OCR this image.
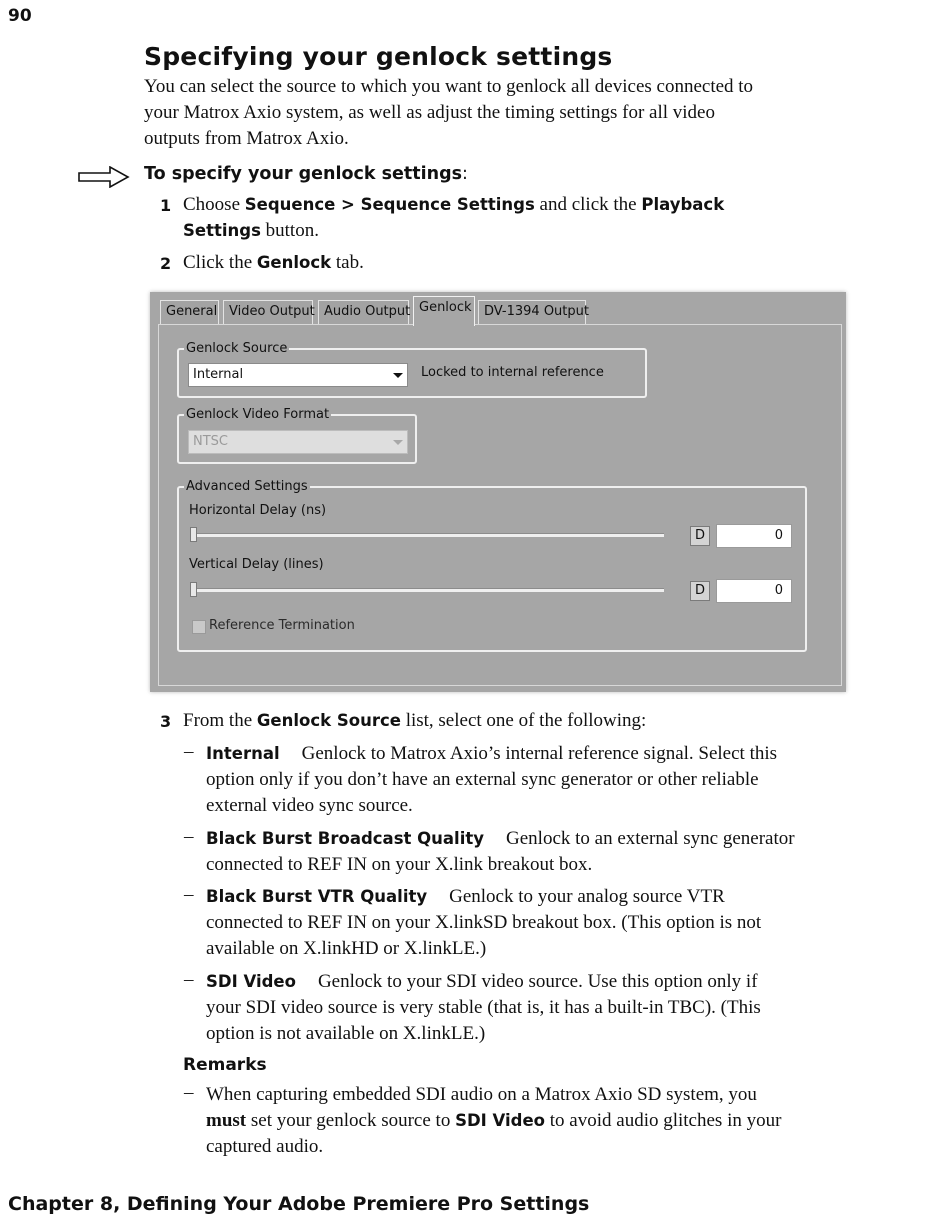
90
Specifying your genlock settings
You can select the source to which you want to genlock all devices connected to
your Matrox Axio system, as well as adjust the timing settings for all video
outputs from Matrox Axio.
To specify your genlock settings:
1 Choose Sequence > Sequence Settings and click the Playback
Settings button.
2 Click the Genlock tab.
General Video Output Audio Output Genlock DV-1394 Output
Genlock Source
Internal	Locked to internal reference
Genlock Video Format
NTSC
Advanced Settings
Horizontal Delay (ns)
D	0
Vertical Delay (lines)
D	0
Reference Termination
3 From the Genlock Source list, select one of the following:
– Internal Genlock to Matrox Axio’s internal reference signal. Select this
option only if you don’t have an external sync generator or other reliable
external video sync source.
– Black Burst Broadcast Quality Genlock to an external sync generator
connected to REF IN on your X.link breakout box.
– Black Burst VTR Quality Genlock to your analog source VTR
connected to REF IN on your X.linkSD breakout box. (This option is not
available on X.linkHD or X.linkLE.)
– SDI Video Genlock to your SDI video source. Use this option only if
your SDI video source is very stable (that is, it has a built-in TBC). (This
option is not available on X.linkLE.)
Remarks
– When capturing embedded SDI audio on a Matrox Axio SD system, you
must set your genlock source to SDI Video to avoid audio glitches in your
captured audio.
Chapter 8, Defining Your Adobe Premiere Pro Settings
